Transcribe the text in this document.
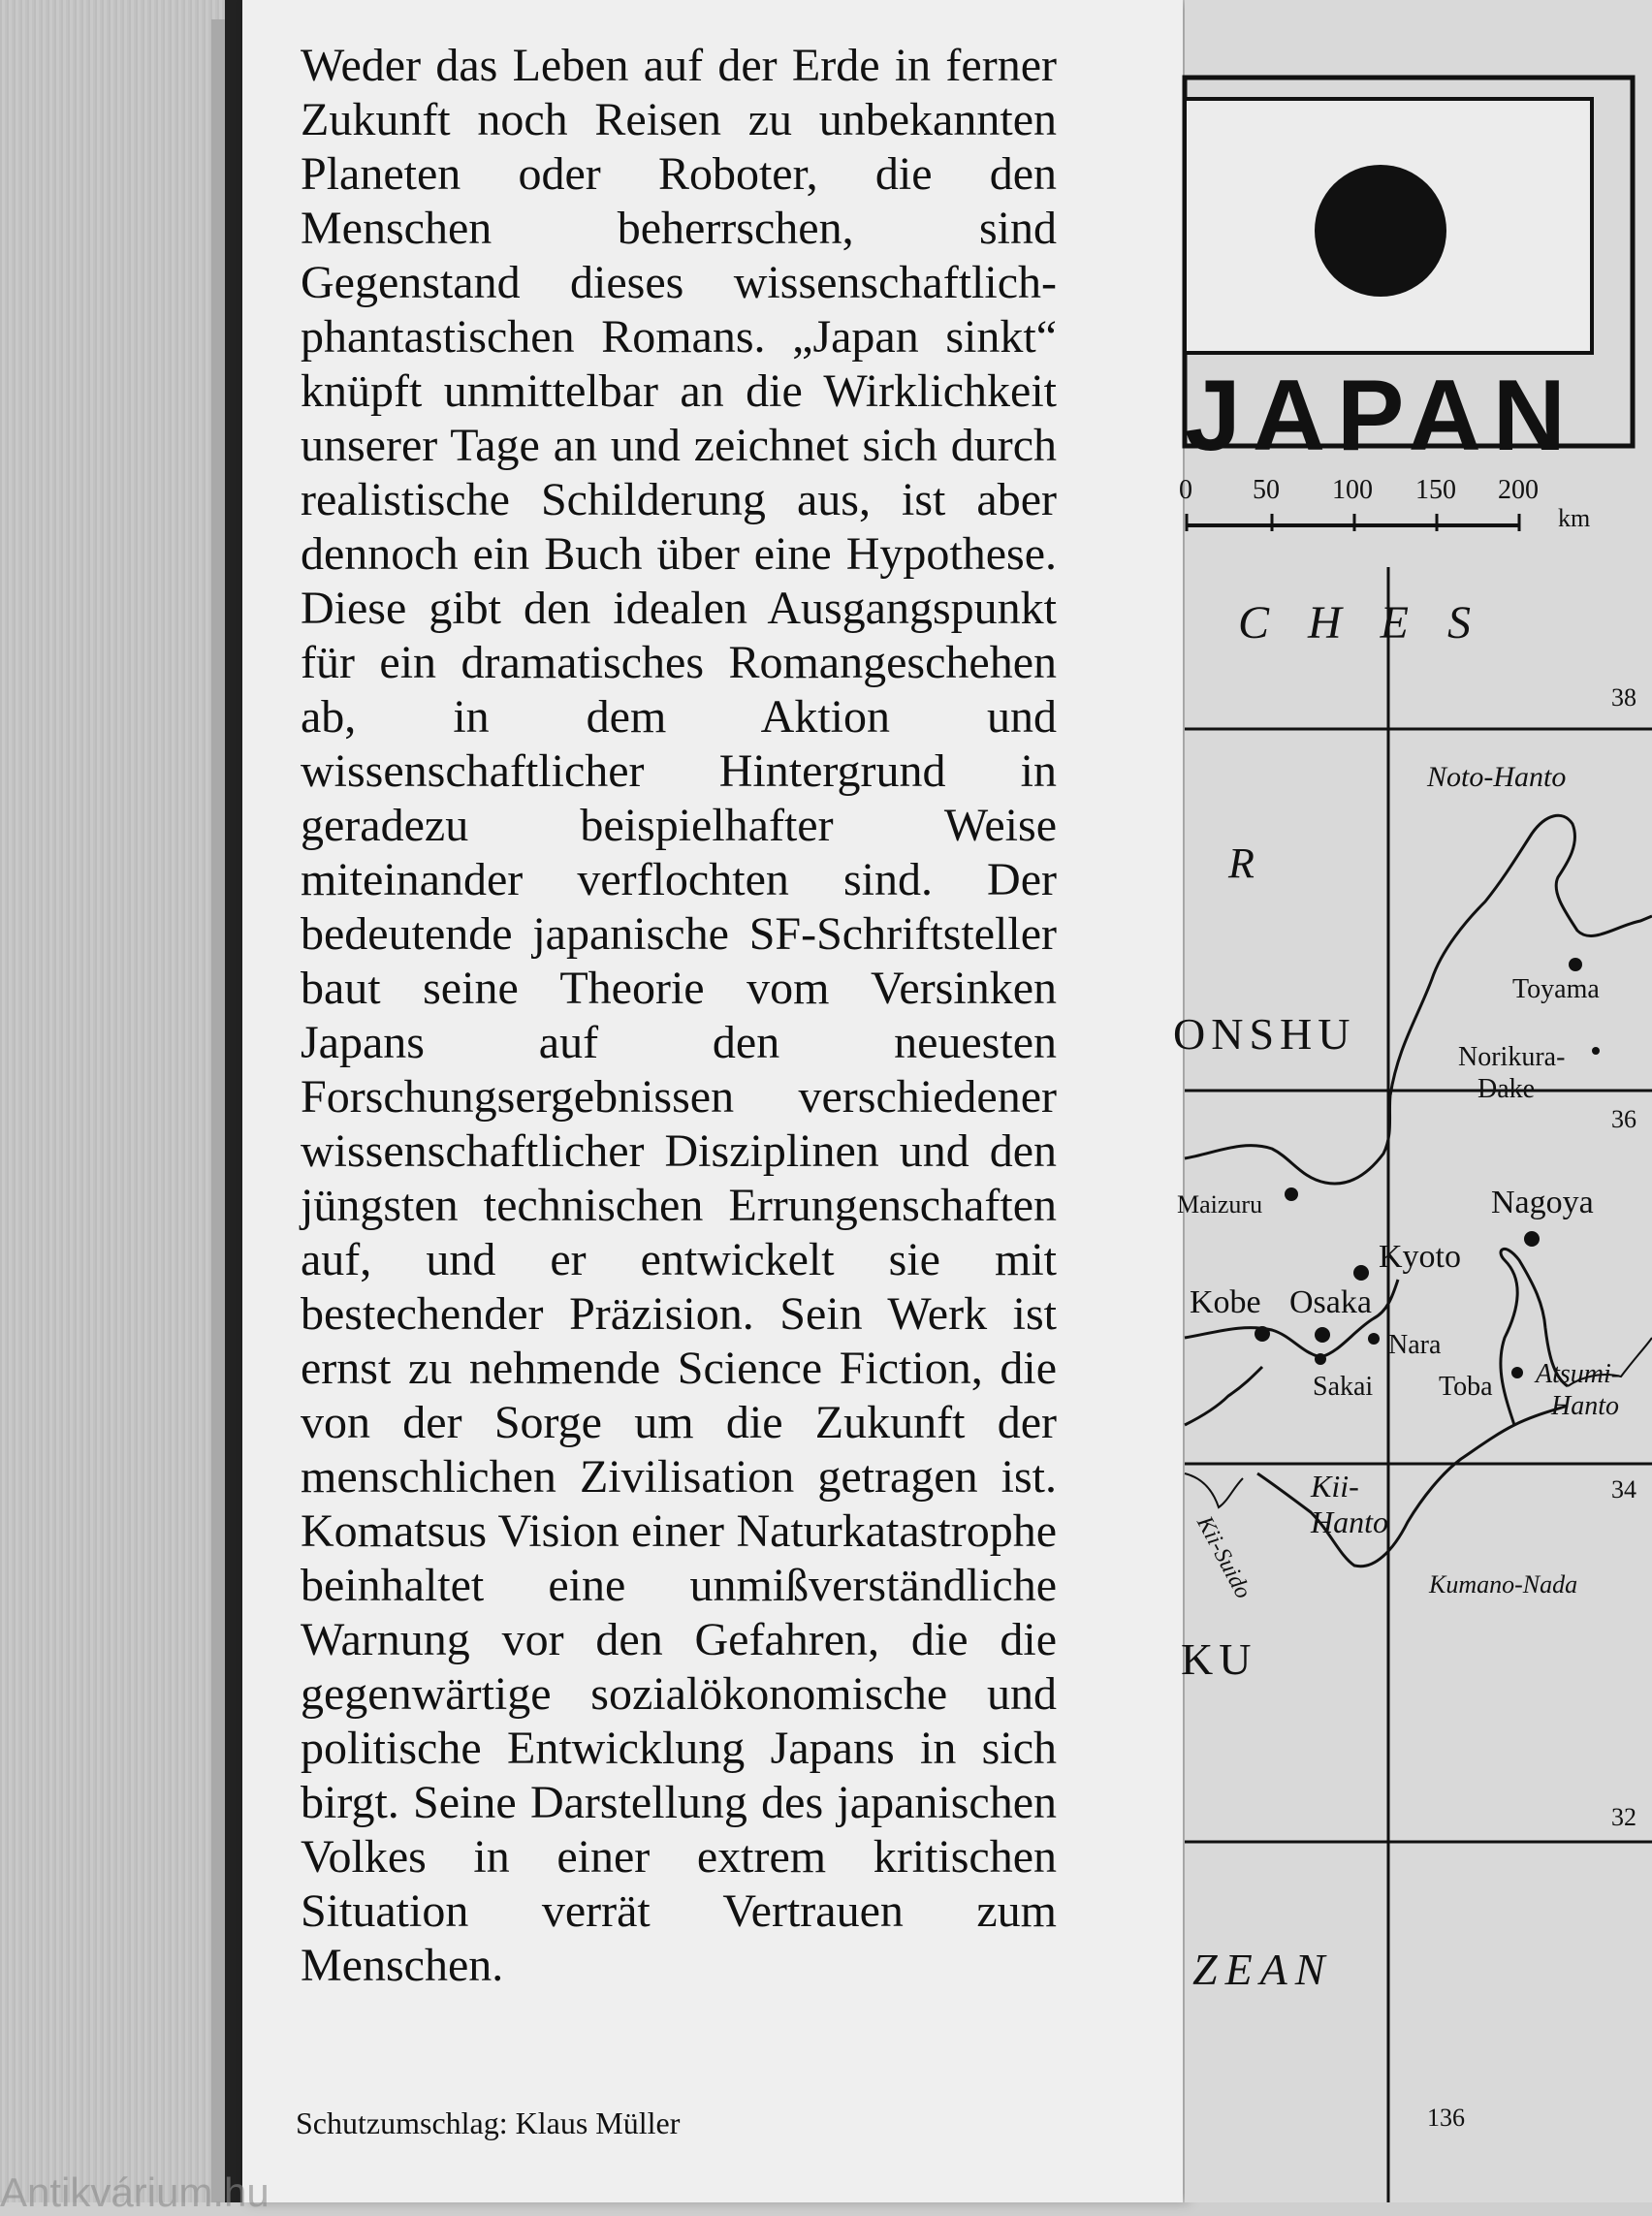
Weder das Leben auf der Erde in ferner Zukunft noch Reisen zu unbekannten Planeten oder Roboter, die den Menschen beherrschen, sind Gegenstand dieses wissenschaftlich-phantastischen Romans. „Japan sinkt“ knüpft unmittelbar an die Wirklichkeit unserer Tage an und zeichnet sich durch realistische Schilderung aus, ist aber dennoch ein Buch über eine Hypothese. Diese gibt den idealen Ausgangspunkt für ein dramatisches Romangeschehen ab, in dem Aktion und wissenschaftlicher Hintergrund in geradezu beispielhafter Weise miteinander verflochten sind. Der bedeutende japanische SF-Schriftsteller baut seine Theorie vom Versinken Japans auf den neuesten Forschungsergebnissen verschiedener wissenschaftlicher Disziplinen und den jüngsten technischen Errungenschaften auf, und er entwickelt sie mit bestechender Präzision. Sein Werk ist ernst zu nehmende Science Fiction, die von der Sorge um die Zukunft der menschlichen Zivilisation getragen ist. Komatsus Vision einer Naturkatastrophe beinhaltet eine unmißverständliche Warnung vor den Gefahren, die die gegenwärtige sozialökonomische und politische Entwicklung Japans in sich birgt. Seine Darstellung des japanischen Volkes in einer extrem kritischen Situation verrät Vertrauen zum Menschen.

Schutzumschlag: Klaus Müller
JAPAN
0 50 100 150 200
km
C H E S
R
ONSHU
KU
ZEAN
38
36
34
32
136
Noto-Hanto
Toyama
Norikura-
Dake
Maizuru	Nagoya
Kyoto
Kobe Osaka
Nara
Sakai Toba Atsumi-
Hanto
Kii-
Hanto
Kii-Suido	Kumano-Nada
Antikvárium.hu
